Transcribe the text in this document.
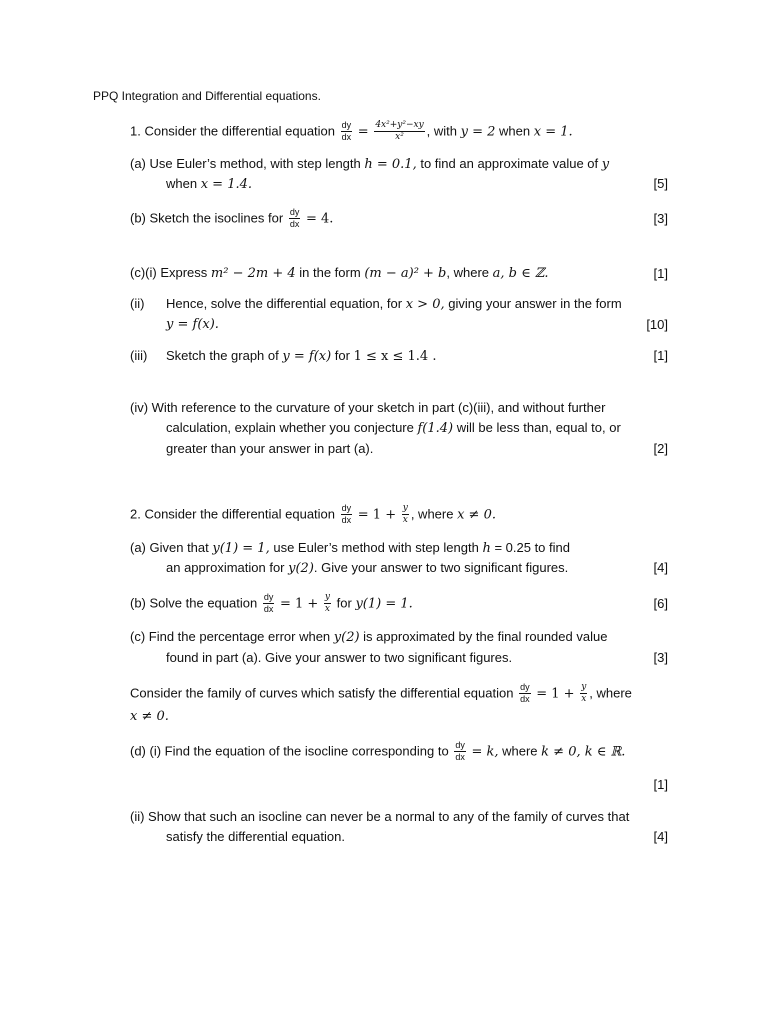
PPQ Integration and Differential equations.
1. Consider the differential equation $\frac{dy}{dx} = \frac{\text{4x²+y²−xy}}{\text{x²}}$ , with y = 2 when x = 1.
(a) Use Euler’s method, with step length h = 0.1, to find an approximate value of y
when x = 1.4.	[5]
(b) Sketch the isoclines for $\frac{dy}{dx} = 4$.	[3]
(c)(i) Express m² − 2m + 4 in the form (m − a)² + b, where a, b ∈ ℤ.	[1]
(ii) Hence, solve the differential equation, for x > 0, giving your answer in the form
y = f(x).	[10]
(iii) Sketch the graph of y = f(x) for 1 ≤ x ≤ 1.4 .	[1]
(iv) With reference to the curvature of your sketch in part (c)(iii), and without further
calculation, explain whether you conjecture f(1.4) will be less than, equal to, or
greater than your answer in part (a).	[2]
2. Consider the differential equation $\frac{dy}{dx} = 1 + \frac{y}{x}$ , where x ≠ 0.
(a) Given that y(1) = 1, use Euler’s method with step length h = 0.25 to find
an approximation for y(2). Give your answer to two significant figures.	[4]
(b) Solve the equation $\frac{dy}{dx} = 1 + \frac{y}{x}$ for y(1) = 1.	[6]
(c) Find the percentage error when y(2) is approximated by the final rounded value
found in part (a). Give your answer to two significant figures.	[3]
Consider the family of curves which satisfy the differential equation $\frac{dy}{dx} = 1 + \frac{y}{x}$ , where
x ≠ 0.
(d) (i) Find the equation of the isocline corresponding to $\frac{dy}{dx} = k$, where k ≠ 0, k ∈ ℝ.
[1]
(ii) Show that such an isocline can never be a normal to any of the family of curves that
satisfy the differential equation.	[4]
